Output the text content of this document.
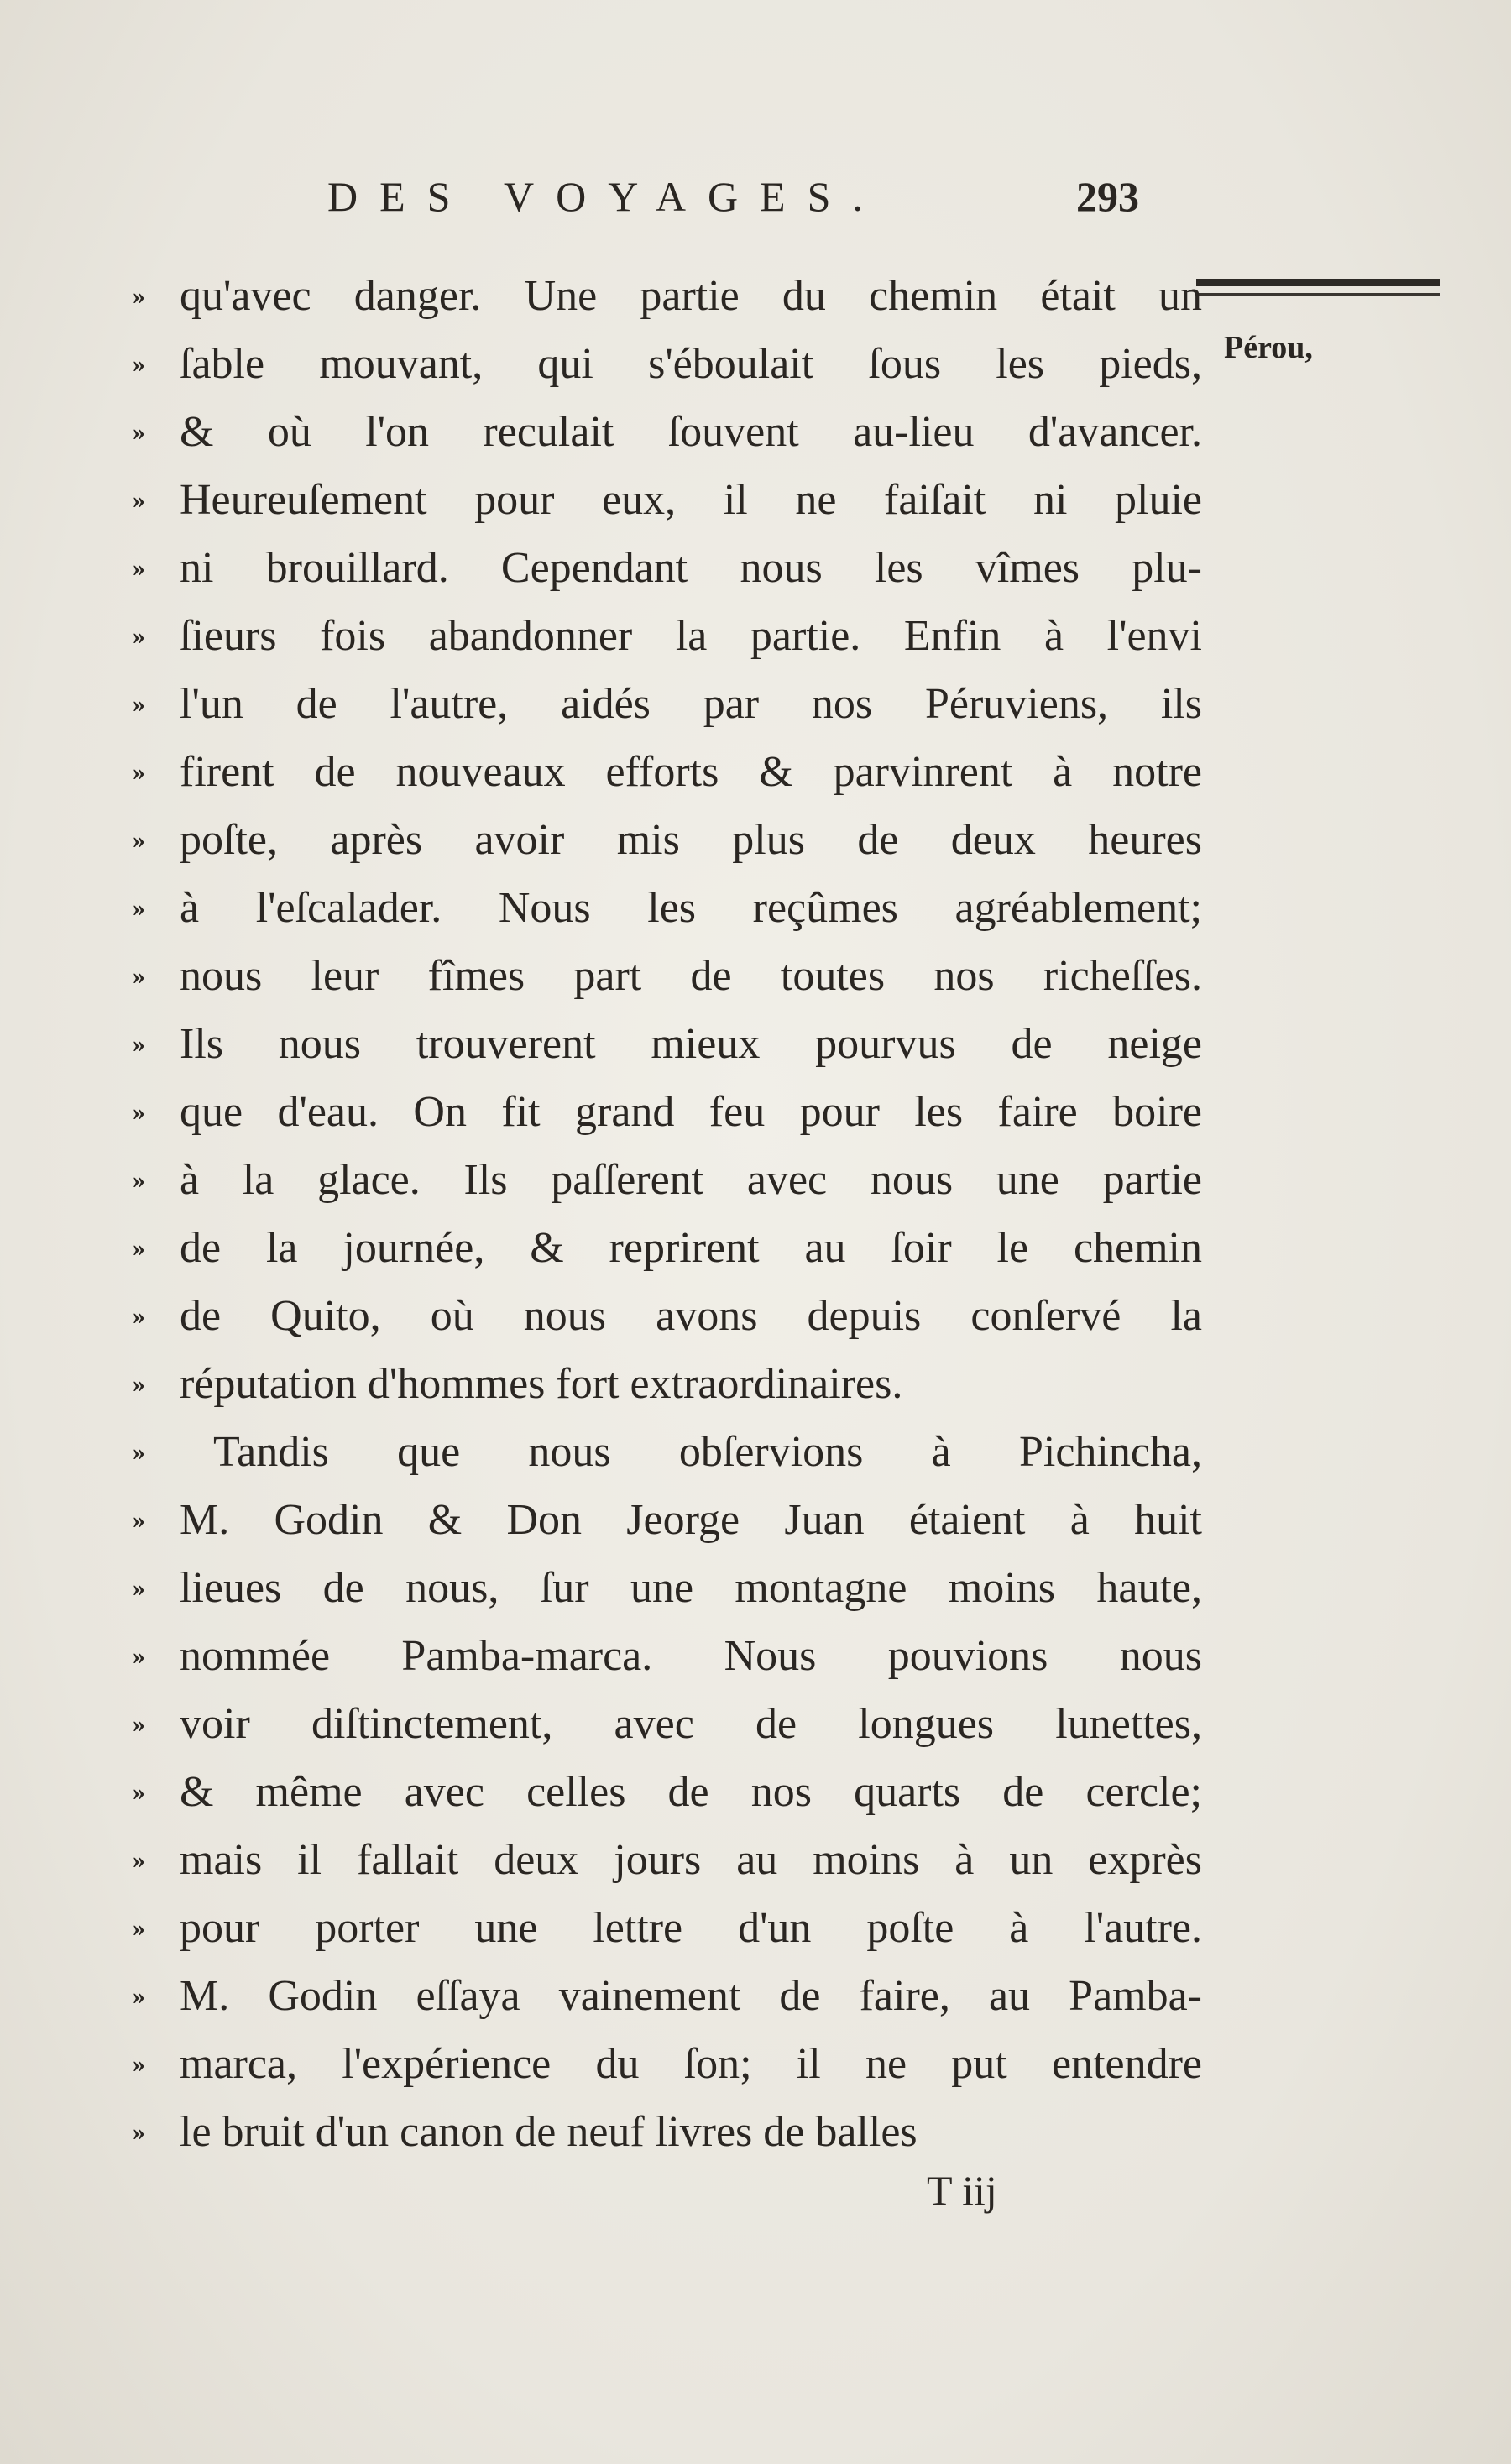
DES VOYAGES.	293
Pérou,
» qu'avec danger. Une partie du chemin était un
» ſable mouvant, qui s'éboulait ſous les pieds,
» & où l'on reculait ſouvent au-lieu d'avancer.
» Heureuſement pour eux, il ne faiſait ni pluie
» ni brouillard. Cependant nous les vîmes plu-
» ſieurs fois abandonner la partie. Enfin à l'envi
» l'un de l'autre, aidés par nos Péruviens, ils
» firent de nouveaux efforts & parvinrent à notre
» poſte, après avoir mis plus de deux heures
» à l'eſcalader. Nous les reçûmes agréablement;
» nous leur fîmes part de toutes nos richeſſes.
» Ils nous trouverent mieux pourvus de neige
» que d'eau. On fit grand feu pour les faire boire
» à la glace. Ils paſſerent avec nous une partie
» de la journée, & reprirent au ſoir le chemin
» de Quito, où nous avons depuis conſervé la
» réputation d'hommes fort extraordinaires.
»	Tandis que nous obſervions à Pichincha,
» M. Godin & Don Jeorge Juan étaient à huit
» lieues de nous, ſur une montagne moins haute,
» nommée Pamba-marca. Nous pouvions nous
» voir diſtinctement, avec de longues lunettes,
» & même avec celles de nos quarts de cercle;
» mais il fallait deux jours au moins à un exprès
» pour porter une lettre d'un poſte à l'autre.
» M. Godin eſſaya vainement de faire, au Pamba-
» marca, l'expérience du ſon; il ne put entendre
» le bruit d'un canon de neuf livres de balles
T iij
